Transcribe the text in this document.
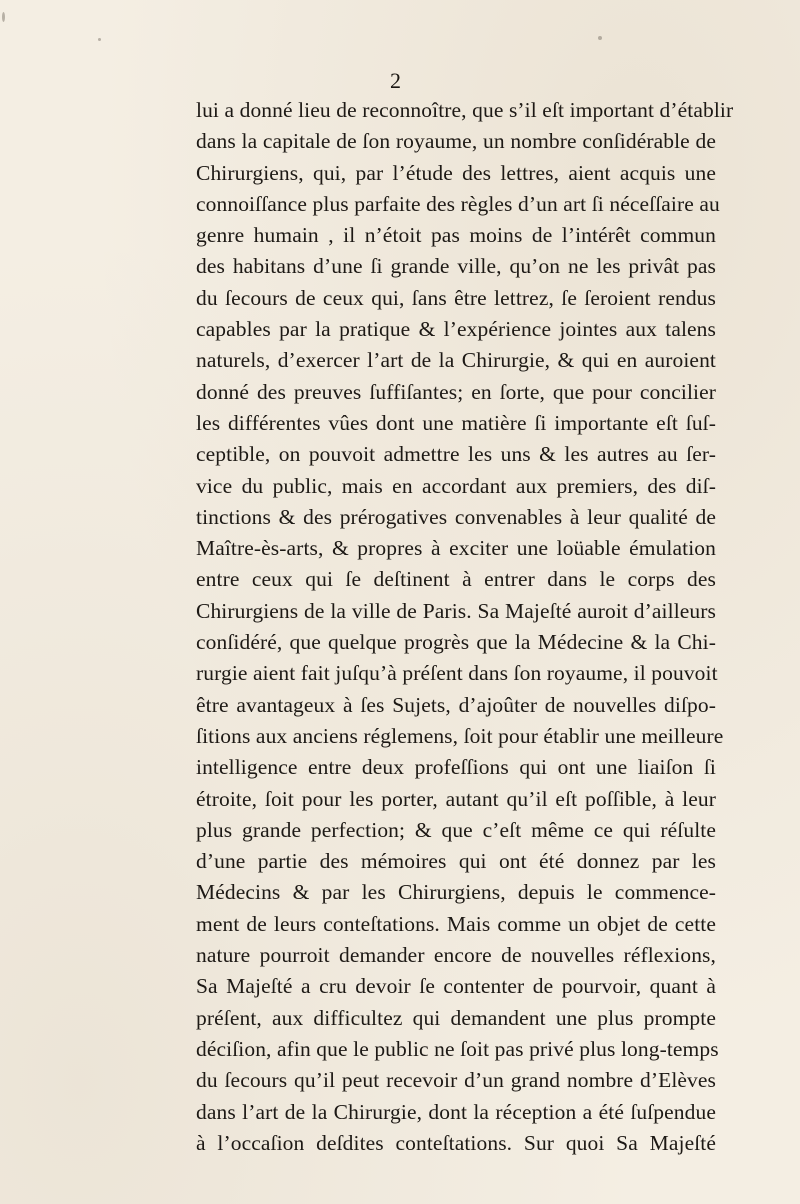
2
lui a donné lieu de reconnoître, que s’il eſt important d’établir
dans la capitale de ſon royaume, un nombre conſidérable de
Chirurgiens, qui, par l’étude des lettres, aient acquis une
connoiſſance plus parfaite des règles d’un art ſi néceſſaire au
genre humain , il n’étoit pas moins de l’intérêt commun
des habitans d’une ſi grande ville, qu’on ne les privât pas
du ſecours de ceux qui, ſans être lettrez, ſe ſeroient rendus
capables par la pratique & l’expérience jointes aux talens
naturels, d’exercer l’art de la Chirurgie, & qui en auroient
donné des preuves ſuffiſantes; en ſorte, que pour concilier
les différentes vûes dont une matière ſi importante eſt ſuſ-
ceptible, on pouvoit admettre les uns & les autres au ſer-
vice du public, mais en accordant aux premiers, des diſ-
tinctions & des prérogatives convenables à leur qualité de
Maître-ès-arts, & propres à exciter une loüable émulation
entre ceux qui ſe deſtinent à entrer dans le corps des
Chirurgiens de la ville de Paris. Sa Majeſté auroit d’ailleurs
conſidéré, que quelque progrès que la Médecine & la Chi-
rurgie aient fait juſqu’à préſent dans ſon royaume, il pouvoit
être avantageux à ſes Sujets, d’ajoûter de nouvelles diſpo-
ſitions aux anciens réglemens, ſoit pour établir une meilleure
intelligence entre deux profeſſions qui ont une liaiſon ſi
étroite, ſoit pour les porter, autant qu’il eſt poſſible, à leur
plus grande perfection; & que c’eſt même ce qui réſulte
d’une partie des mémoires qui ont été donnez par les
Médecins & par les Chirurgiens, depuis le commence-
ment de leurs conteſtations. Mais comme un objet de cette
nature pourroit demander encore de nouvelles réflexions,
Sa Majeſté a cru devoir ſe contenter de pourvoir, quant à
préſent, aux difficultez qui demandent une plus prompte
déciſion, afin que le public ne ſoit pas privé plus long-temps
du ſecours qu’il peut recevoir d’un grand nombre d’Elèves
dans l’art de la Chirurgie, dont la réception a été ſuſpendue
à l’occaſion deſdites conteſtations. Sur quoi Sa Majeſté
